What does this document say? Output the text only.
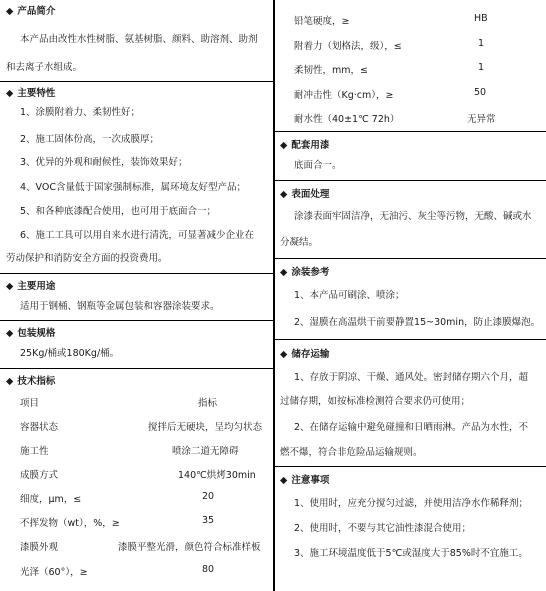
◆ 产品简介
本产品由改性水性树脂、氨基树脂、颜料、助溶剂、助剂
和去离子水组成。
◆ 主要特性
1、涂膜附着力、柔韧性好；
2、施工固体份高，一次成膜厚；
3、优异的外观和耐候性，装饰效果好；
4、VOC含量低于国家强制标准，属环境友好型产品；
5、和各种底漆配合使用，也可用于底面合一；
6、施工工具可以用自来水进行清洗，可显著减少企业在
劳动保护和消防安全方面的投资费用。
◆ 主要用途
适用于钢桶、钢瓶等金属包装和容器涂装要求。
◆ 包装规格
25Kg/桶或180Kg/桶。
◆ 技术指标
项目	指标
容器状态	搅拌后无硬块，呈均匀状态
施工性	喷涂二道无障碍
成膜方式	140℃烘烤30min
细度，μm，≤	20
不挥发物（wt），%，≥	35
漆膜外观	漆膜平整光滑，颜色符合标准样板
光泽（60°），≥	80
铅笔硬度，≥	HB
附着力（划格法，级），≤	1
柔韧性，mm，≤	1
耐冲击性（Kg·cm），≥	50
耐水性（40±1℃ 72h）	无异常
◆ 配套用漆
底面合一。
◆ 表面处理
涂漆表面牢固洁净，无油污、灰尘等污物，无酸、碱或水
分凝结。
◆ 涂装参考
1、本产品可刷涂、喷涂；
2、湿膜在高温烘干前要静置15~30min，防止漆膜爆泡。
◆ 储存运输
1、存放于阴凉、干燥、通风处。密封储存期六个月，超
过储存期，如按标准检测符合要求仍可使用；
2、在储存运输中避免碰撞和日晒雨淋。产品为水性，不
燃不爆，符合非危险品运输规则。
◆ 注意事项
1、使用时，应充分搅匀过滤，并使用洁净水作稀释剂；
2、使用时，不要与其它油性漆混合使用；
3、施工环境温度低于5℃或湿度大于85%时不宜施工。
